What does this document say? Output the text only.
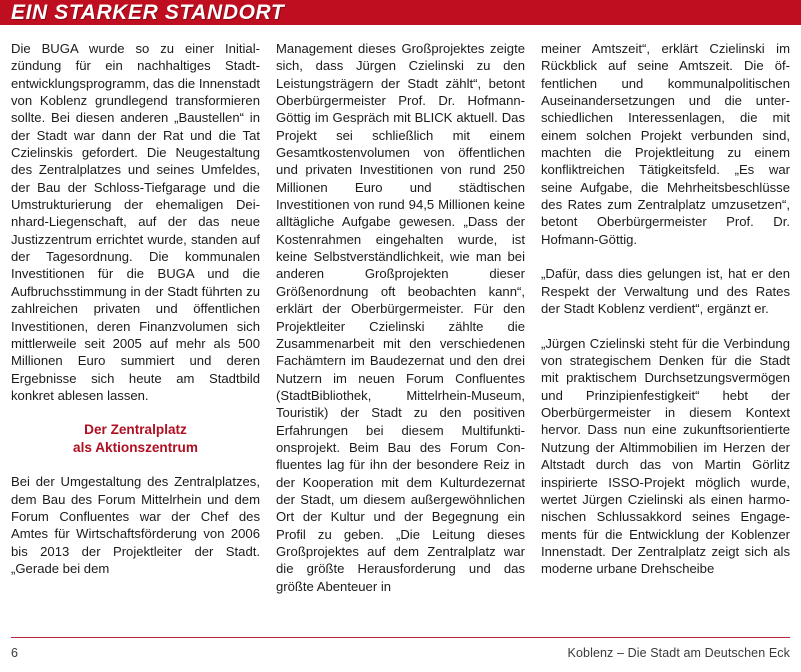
EIN STARKER STANDORT

Die BUGA wurde so zu einer Initialzündung für ein nachhaltiges Stadtentwicklungsprogramm, das die Innenstadt von Koblenz grundlegend transformieren sollte. Bei diesen anderen „Baustellen“ in der Stadt war dann der Rat und die Tat Czielinskis gefordert. Die Neugestaltung des Zentralplatzes und seines Umfeldes, der Bau der Schloss-Tiefgarage und die Umstrukturierung der ehemaligen Deinhard-Liegenschaft, auf der das neue Justizzentrum errichtet wurde, standen auf der Tagesordnung. Die kommunalen Investitionen für die BUGA und die Aufbruchsstimmung in der Stadt führten zu zahlreichen privaten und öffentlichen Investitionen, deren Finanzvolumen sich mittlerweile seit 2005 auf mehr als 500 Millionen Euro summiert und deren Ergebnisse sich heute am Stadtbild konkret ablesen lassen.

Der Zentralplatz
als Aktionszentrum

Bei der Umgestaltung des Zentralplatzes, dem Bau des Forum Mittelrhein und dem Forum Confluentes war der Chef des Amtes für Wirtschaftsförderung von 2006 bis 2013 der Projektleiter der Stadt. „Gerade bei dem

Management dieses Großprojektes zeigte sich, dass Jürgen Czielinski zu den Leistungsträgern der Stadt zählt“, betont Oberbürgermeister Prof. Dr. Hofmann-Göttig im Gespräch mit BLICK aktuell. Das Projekt sei schließlich mit einem Gesamtkostenvolumen von öffentlichen und privaten Investitionen von rund 250 Millionen Euro und städtischen Investitionen von rund 94,5 Millionen keine alltägliche Aufgabe gewesen. „Dass der Kostenrahmen eingehalten wurde, ist keine Selbstverständlichkeit, wie man bei anderen Großprojekten dieser Größenordnung oft beobachten kann“, erklärt der Oberbürgermeister. Für den Projektleiter Czielinski zählte die Zusammenarbeit mit den verschiedenen Fachämtern im Baudezernat und den drei Nutzern im neuen Forum Confluentes (StadtBibliothek, Mittelrhein-Museum, Touristik) der Stadt zu den positiven Erfahrungen bei diesem Multifunktionsprojekt. Beim Bau des Forum Confluentes lag für ihn der besondere Reiz in der Kooperation mit dem Kulturdezernat der Stadt, um diesem außergewöhnlichen Ort der Kultur und der Begegnung ein Profil zu geben. „Die Leitung dieses Großprojektes auf dem Zentralplatz war die größte Herausforderung und das größte Abenteuer in

meiner Amtszeit“, erklärt Czielinski im Rückblick auf seine Amtszeit. Die öffentlichen und kommunalpolitischen Auseinandersetzungen und die unterschiedlichen Interessenlagen, die mit einem solchen Projekt verbunden sind, machten die Projektleitung zu einem konfliktreichen Tätigkeitsfeld. „Es war seine Aufgabe, die Mehrheitsbeschlüsse des Rates zum Zentralplatz umzusetzen“, betont Oberbürgermeister Prof. Dr. Hofmann-Göttig.

„Dafür, dass dies gelungen ist, hat er den Respekt der Verwaltung und des Rates der Stadt Koblenz verdient“, ergänzt er.

„Jürgen Czielinski steht für die Verbindung von strategischem Denken für die Stadt mit praktischem Durchsetzungsvermögen und Prinzipienfestigkeit“ hebt der Oberbürgermeister in diesem Kontext hervor. Dass nun eine zukunftsorientierte Nutzung der Altimmobilien im Herzen der Altstadt durch das von Martin Görlitz inspirierte ISSO-Projekt möglich wurde, wertet Jürgen Czielinski als einen harmonischen Schlussakkord seines Engagements für die Entwicklung der Koblenzer Innenstadt. Der Zentralplatz zeigt sich als moderne urbane Drehscheibe

6	Koblenz – Die Stadt am Deutschen Eck
